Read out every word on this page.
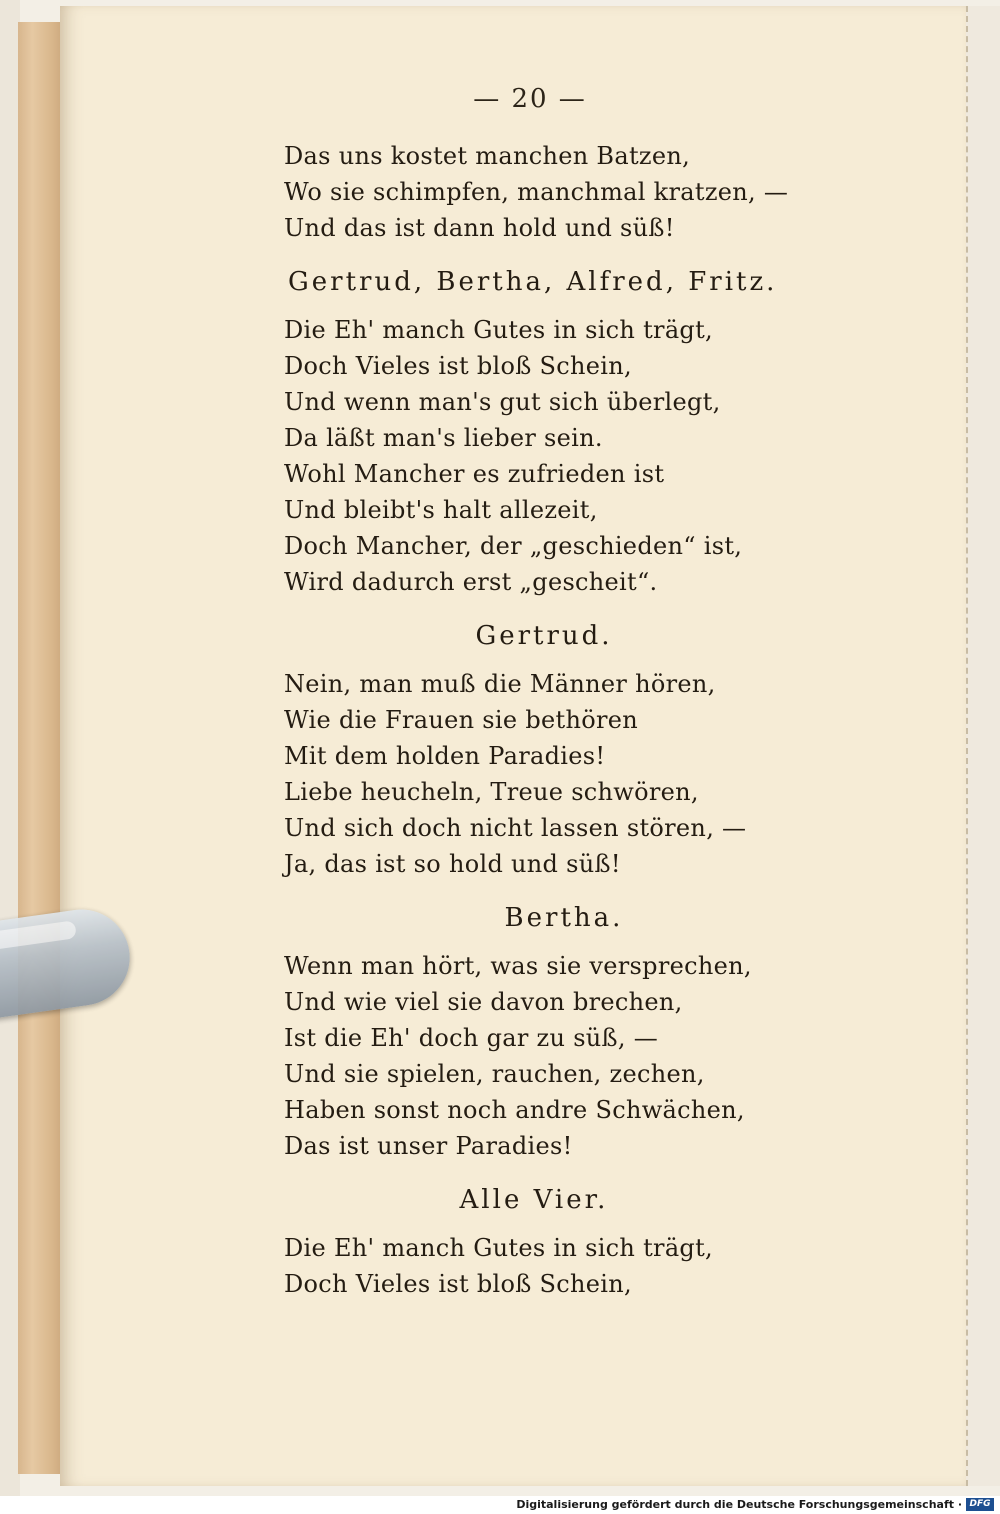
— 20 —
Das uns kostet manchen Batzen,
Wo sie schimpfen, manchmal kratzen, —
Und das ist dann hold und süß!
Gertrud, Bertha, Alfred, Fritz.
Die Eh' manch Gutes in sich trägt,
Doch Vieles ist bloß Schein,
Und wenn man's gut sich überlegt,
Da läßt man's lieber sein.
Wohl Mancher es zufrieden ist
Und bleibt's halt allezeit,
Doch Mancher, der „geschieden“ ist,
Wird dadurch erst „gescheit“.
Gertrud.
Nein, man muß die Männer hören,
Wie die Frauen sie bethören
Mit dem holden Paradies!
Liebe heucheln, Treue schwören,
Und sich doch nicht lassen stören, —
Ja, das ist so hold und süß!
Bertha.
Wenn man hört, was sie versprechen,
Und wie viel sie davon brechen,
Ist die Eh' doch gar zu süß, —
Und sie spielen, rauchen, zechen,
Haben sonst noch andre Schwächen,
Das ist unser Paradies!
Alle Vier.
Die Eh' manch Gutes in sich trägt,
Doch Vieles ist bloß Schein,
Digitalisierung gefördert durch die Deutsche Forschungsgemeinschaft · DFG
